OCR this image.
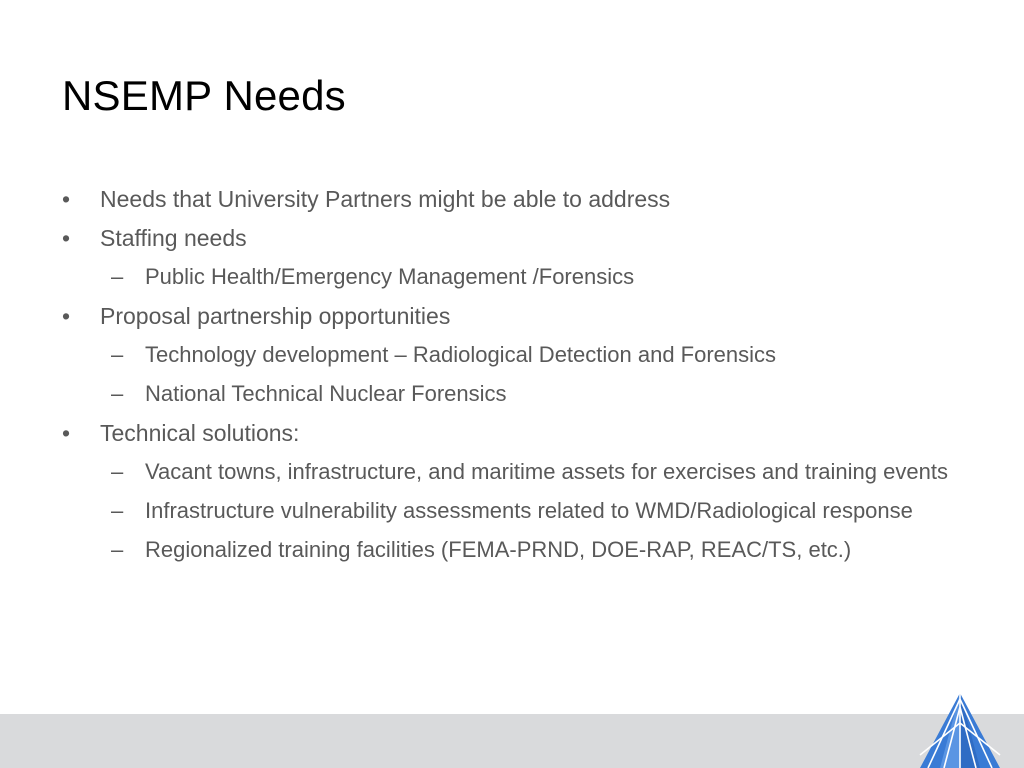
NSEMP Needs
• Needs that University Partners might be able to address
• Staffing needs
– Public Health/Emergency Management /Forensics
• Proposal partnership opportunities
– Technology development – Radiological Detection and Forensics
– National Technical Nuclear Forensics
• Technical solutions:
– Vacant towns, infrastructure, and maritime assets for exercises and training events
– Infrastructure vulnerability assessments related to WMD/Radiological response
– Regionalized training facilities (FEMA-PRND, DOE-RAP, REAC/TS, etc.)
